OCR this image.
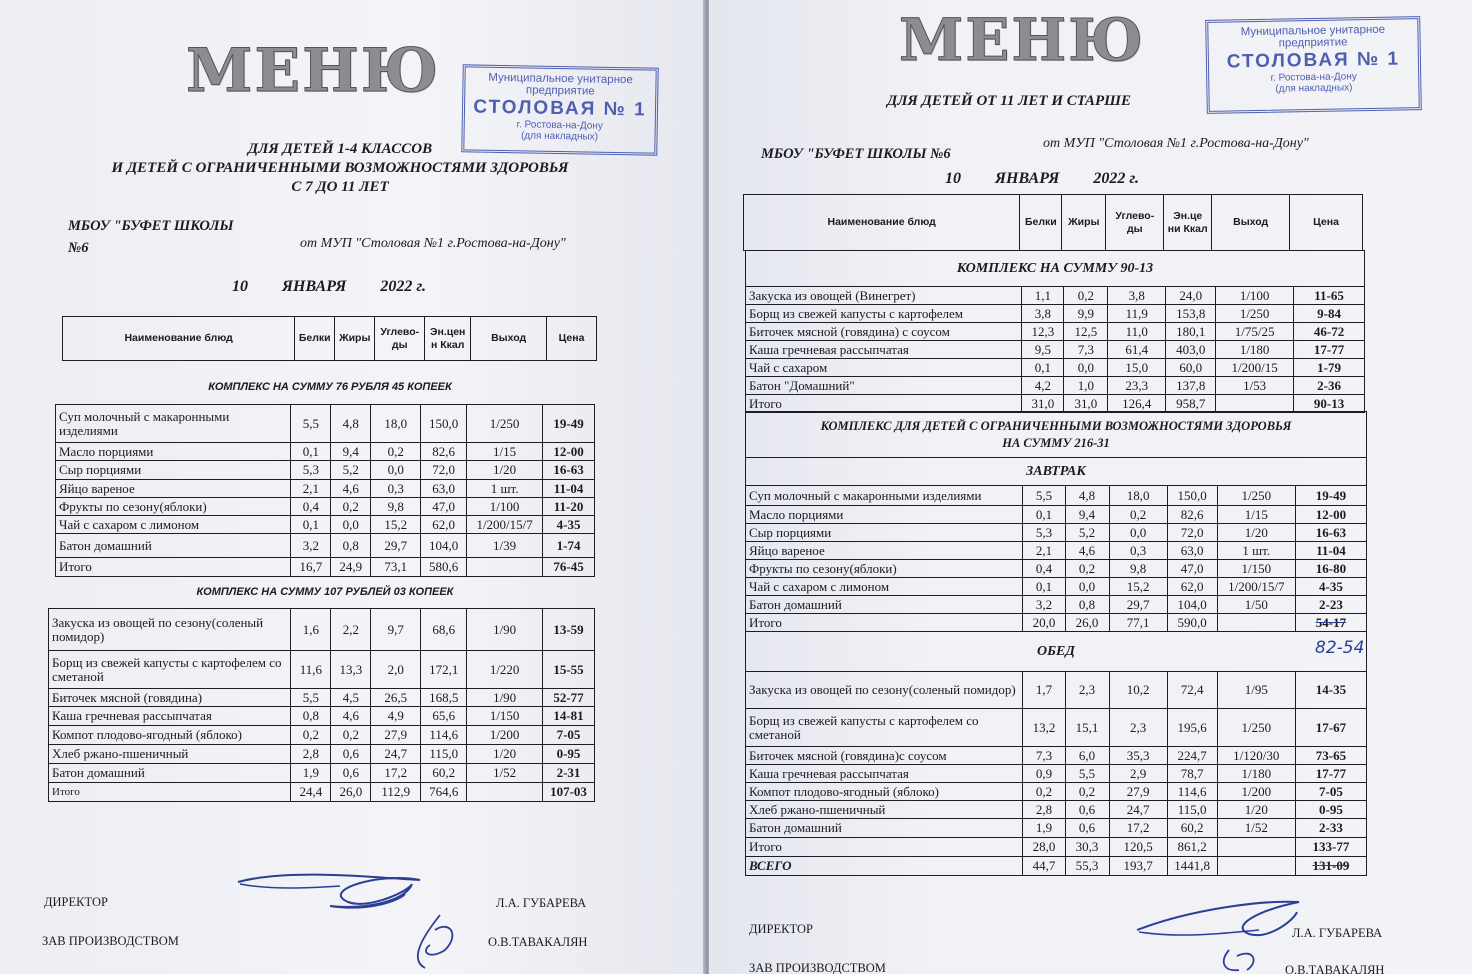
МЕНЮ	Муниципальное унитарное
предприятие
СТОЛОВАЯ № 1
г. Ростова-на-Дону
(для накладных)
ДЛЯ ДЕТЕЙ 1-4 КЛАССОВ
И ДЕТЕЙ С ОГРАНИЧЕННЫМИ ВОЗМОЖНОСТЯМИ ЗДОРОВЬЯ
С 7 ДО 11 ЛЕТ
МБОУ "БУФЕТ ШКОЛЫ
№6	от МУП "Столовая №1 г.Ростова-на-Дону"
10 ЯНВАРЯ 2022 г.
Наименование блюд	Белки	Жиры	Углево-ды	Эн.цен н Ккал	Выход	Цена
КОМПЛЕКС НА СУММУ 76 РУБЛЯ 45 КОПЕЕК
Суп молочный с макаронными изделиями	5,5	4,8	18,0	150,0	1/250	19-49
Масло порциями	0,1	9,4	0,2	82,6	1/15	12-00
Сыр порциями	5,3	5,2	0,0	72,0	1/20	16-63
Яйцо вареное	2,1	4,6	0,3	63,0	1 шт.	11-04
Фрукты по сезону(яблоки)	0,4	0,2	9,8	47,0	1/100	11-20
Чай с сахаром с лимоном	0,1	0,0	15,2	62,0	1/200/15/7	4-35
Батон домашний	3,2	0,8	29,7	104,0	1/39	1-74
Итого	16,7	24,9	73,1	580,6		76-45
КОМПЛЕКС НА СУММУ 107 РУБЛЕЙ 03 КОПЕЕК
Закуска из овощей по сезону(соленый помидор)	1,6	2,2	9,7	68,6	1/90	13-59
Борщ из свежей капусты с картофелем со сметаной	11,6	13,3	2,0	172,1	1/220	15-55
Биточек мясной (говядина)	5,5	4,5	26,5	168,5	1/90	52-77
Каша гречневая рассыпчатая	0,8	4,6	4,9	65,6	1/150	14-81
Компот плодово-ягодный (яблоко)	0,2	0,2	27,9	114,6	1/200	7-05
Хлеб ржано-пшеничный	2,8	0,6	24,7	115,0	1/20	0-95
Батон домашний	1,9	0,6	17,2	60,2	1/52	2-31
Итого	24,4	26,0	112,9	764,6		107-03
ДИРЕКТОР	Л.А. ГУБАРЕВА
ЗАВ ПРОИЗВОДСТВОМ	О.В.ТАВАКАЛЯН
МЕНЮ	Муниципальное унитарное
предприятие
СТОЛОВАЯ № 1
г. Ростова-на-Дону
(для накладных)
ДЛЯ ДЕТЕЙ ОТ 11 ЛЕТ И СТАРШЕ
МБОУ "БУФЕТ ШКОЛЫ №6
от МУП "Столовая №1 г.Ростова-на-Дону"
10 ЯНВАРЯ 2022 г.
Наименование блюд	Белки	Жиры	Углево-ды	Эн.це ни Ккал	Выход	Цена
КОМПЛЕКС НА СУММУ 90-13						
Закуска из овощей (Винегрет)	1,1	0,2	3,8	24,0	1/100	11-65
Борщ из свежей капусты с картофелем	3,8	9,9	11,9	153,8	1/250	9-84
Биточек мясной (говядина) с соусом	12,3	12,5	11,0	180,1	1/75/25	46-72
Каша гречневая рассыпчатая	9,5	7,3	61,4	403,0	1/180	17-77
Чай с сахаром	0,1	0,0	15,0	60,0	1/200/15	1-79
Батон "Домашний"	4,2	1,0	23,3	137,8	1/53	2-36
Итого	31,0	31,0	126,4	958,7		90-13
КОМПЛЕКС ДЛЯ ДЕТЕЙ С ОГРАНИЧЕННЫМИ ВОЗМОЖНОСТЯМИ ЗДОРОВЬЯ
НА СУММУ 216-31						

ЗАВТРАК						
Суп молочный с макаронными изделиями	5,5	4,8	18,0	150,0	1/250	19-49
Масло порциями	0,1	9,4	0,2	82,6	1/15	12-00
Сыр порциями	5,3	5,2	0,0	72,0	1/20	16-63
Яйцо вареное	2,1	4,6	0,3	63,0	1 шт.	11-04
Фрукты по сезону(яблоки)	0,4	0,2	9,8	47,0	1/150	16-80
Чай с сахаром с лимоном	0,1	0,0	15,2	62,0	1/200/15/7	4-35
Батон домашний	3,2	0,8	29,7	104,0	1/50	2-23
Итого	20,0	26,0	77,1	590,0		54-17
ОБЕД						
Закуска из овощей по сезону(соленый помидор)	1,7	2,3	10,2	72,4	1/95	14-35
Борщ из свежей капусты с картофелем со сметаной	13,2	15,1	2,3	195,6	1/250	17-67
Биточек мясной (говядина)с соусом	7,3	6,0	35,3	224,7	1/120/30	73-65
Каша гречневая рассыпчатая	0,9	5,5	2,9	78,7	1/180	17-77
Компот плодово-ягодный (яблоко)	0,2	0,2	27,9	114,6	1/200	7-05
Хлеб ржано-пшеничный	2,8	0,6	24,7	115,0	1/20	0-95
Батон домашний	1,9	0,6	17,2	60,2	1/52	2-33
Итого	28,0	30,3	120,5	861,2		133-77
ВСЕГО	44,7	55,3	193,7	1441,8		131-09
82-54
ДИРЕКТОР	Л.А. ГУБАРЕВА
ЗАВ ПРОИЗВОДСТВОМ	О.В.ТАВАКАЛЯН
